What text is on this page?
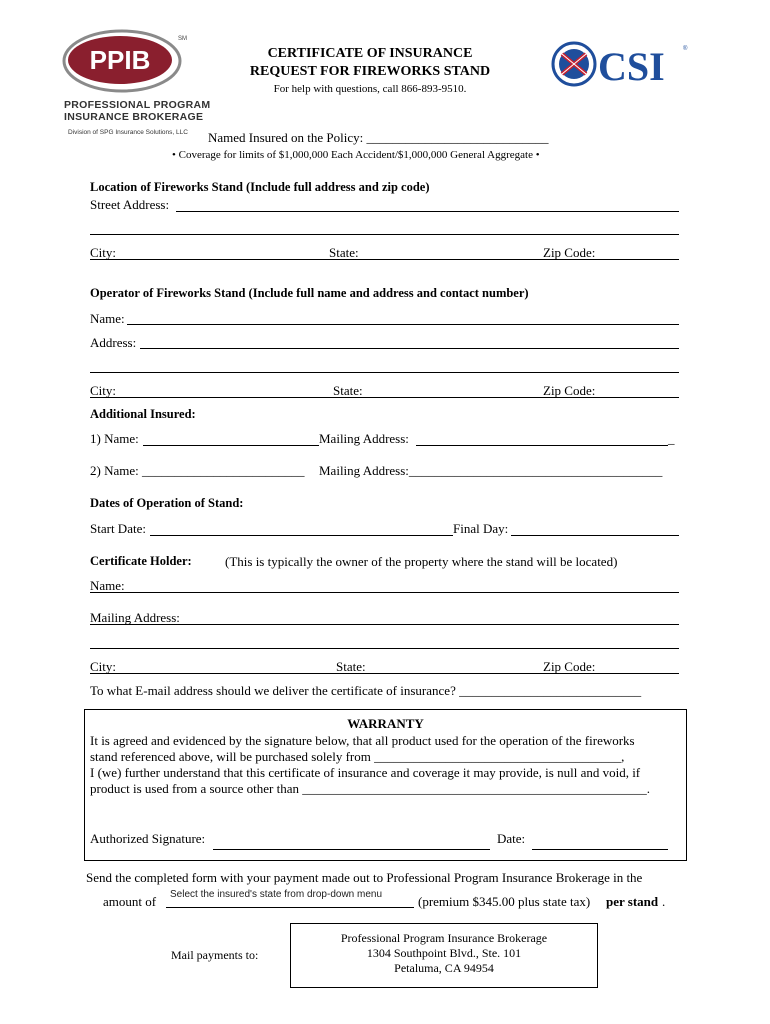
PPIB
SM
PROFESSIONAL PROGRAM
INSURANCE BROKERAGE
Division of SPG Insurance Solutions, LLC
CERTIFICATE OF INSURANCE
REQUEST FOR FIREWORKS STAND
For help with questions, call 866-893-9510.	CSI	®
Named Insured on the Policy: ____________________________
• Coverage for limits of $1,000,000 Each Accident/$1,000,000 General Aggregate •
Location of Fireworks Stand (Include full address and zip code)
Street Address:
City:	State:	Zip Code:
Operator of Fireworks Stand (Include full name and address and contact number)
Name:
Address:
City:	State:	Zip Code:
Additional Insured:
1) Name:	Mailing Address:	_
2) Name: _________________________ Mailing Address:_______________________________________
Dates of Operation of Stand:
Start Date:	Final Day:
Certificate Holder:	(This is typically the owner of the property where the stand will be located)
Name:
Mailing Address:
City:	State:	Zip Code:
To what E-mail address should we deliver the certificate of insurance? ____________________________
WARRANTY
It is agreed and evidenced by the signature below, that all product used for the operation of the fireworks
stand referenced above, will be purchased solely from ______________________________________,
I (we) further understand that this certificate of insurance and coverage it may provide, is null and void, if
product is used from a source other than _____________________________________________________.
Authorized Signature:	Date:
Send the completed form with your payment made out to Professional Program Insurance Brokerage in the
amount of Select the insured's state from drop-down menu	(premium $345.00 plus state tax) per stand .
Mail payments to:
Professional Program Insurance Brokerage
1304 Southpoint Blvd., Ste. 101
Petaluma, CA 94954
